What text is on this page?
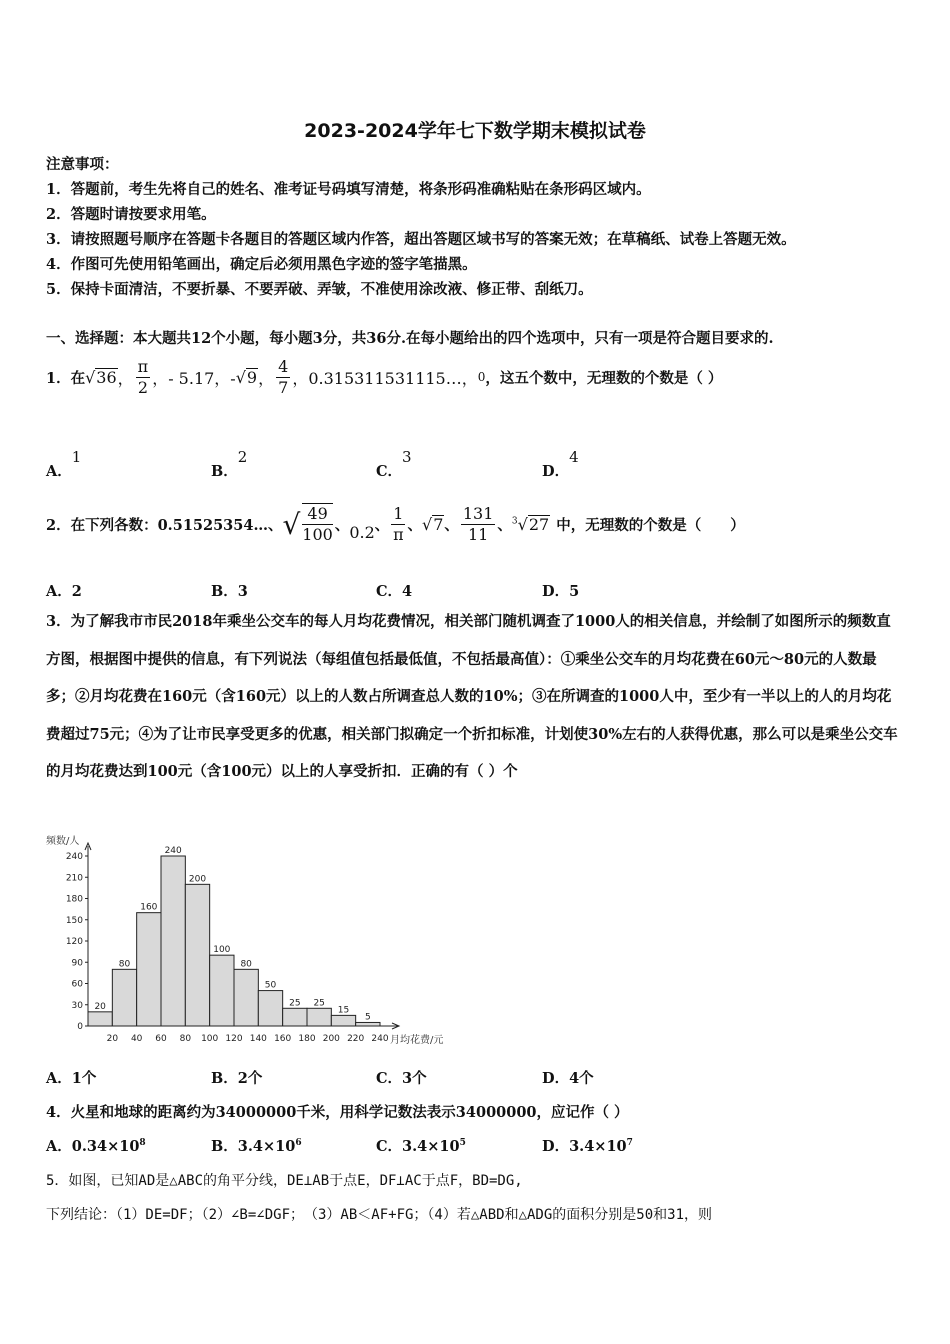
2023-2024学年七下数学期末模拟试卷
注意事项：
1．答题前，考生先将自己的姓名、准考证号码填写清楚，将条形码准确粘贴在条形码区域内。
2．答题时请按要求用笔。
3．请按照题号顺序在答题卡各题目的答题区域内作答，超出答题区域书写的答案无效；在草稿纸、试卷上答题无效。
4．作图可先使用铅笔画出，确定后必须用黑色字迹的签字笔描黑。
5．保持卡面清洁，不要折暴、不要弄破、弄皱，不准使用涂改液、修正带、刮纸刀。
一、选择题：本大题共12个小题，每小题3分，共36分.在每小题给出的四个选项中，只有一项是符合题目要求的.
1．在 √36 ， $\frac{\pi}{2}$ ，- 5.17，- √9 ， $\frac{4}{7}$ ，0.315311531115…， 0 ，这五个数中，无理数的个数是（ ）
A．$^1$
B．$^2$
C．$^3$
D．$^4$
2．在下列各数：0.51525354…、 √ $\frac{49}{100}$ 、 0.2 、 $\frac{1}{\pi}$ 、 √7 、 $\frac{131}{11}$ 、 $^3$√27 中，无理数的个数是（　　）
A．2	B．3	C．4	D．5
3．为了解我市市民2018年乘坐公交车的每人月均花费情况，相关部门随机调查了1000人的相关信息，并绘制了如图所示的频数直方图，根据图中提供的信息，有下列说法（每组值包括最低值，不包括最高值）：①乘坐公交车的月均花费在60元～80元的人数最多；②月均花费在160元（含160元）以上的人数占所调查总人数的10%；③在所调查的1000人中，至少有一半以上的人的月均花费超过75元；④为了让市民享受更多的优惠，相关部门拟确定一个折扣标准，计划使30%左右的人获得优惠，那么可以是乘坐公交车的月均花费达到100元（含100元）以上的人享受折扣．正确的有（ ）个
频数/人
月均花费/元
20
80
160
240
200
100
80
50
25 25
15
5
0
30
60
90
120
150
180
210
240
20 40 60 80 100 120 140 160 180 200 220 240
A．1个	B．2个	C．3个	D．4个
4．火星和地球的距离约为34000000千米，用科学记数法表示34000000，应记作（ ）
A．$0.34\times 10^8$	B．$3.4\times 10^6$	C．$3.4\times 10^5$	D．$3.4\times 10^7$
5．如图，已知AD是△ABC的角平分线，DE⊥AB于点E，DF⊥AC于点F，BD=DG,
下列结论：（1）DE=DF；（2）∠B=∠DGF；　（3）AB＜AF+FG；（4）若△ABD和△ADG的面积分别是50和31，则
